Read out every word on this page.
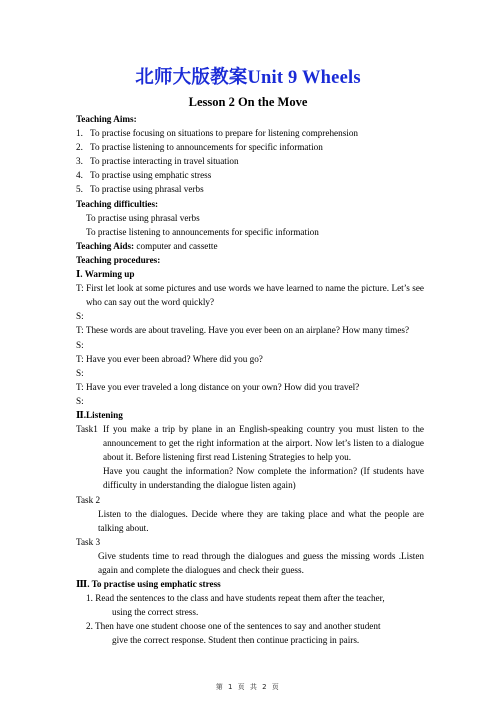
北师大版教案Unit 9 Wheels
Lesson 2 On the Move

Teaching Aims:

1. To practise focusing on situations to prepare for listening comprehension
2. To practise listening to announcements for specific information
3. To practise interacting in travel situation
4. To practise using emphatic stress
5. To practise using phrasal verbs

Teaching difficulties:

To practise using phrasal verbs

To practise listening to announcements for specific information

Teaching Aids: computer and cassette

Teaching procedures:

Ⅰ. Warming up

T: First let look at some pictures and use words we have learned to name the picture. Let’s see who can say out the word quickly?

S:

T: These words are about traveling. Have you ever been on an airplane? How many times?

S:

T: Have you ever been abroad? Where did you go?

S:

T: Have you ever traveled a long distance on your own? How did you travel?

S:

Ⅱ.Listening

Task1 If you make a trip by plane in an English-speaking country you must listen to the announcement to get the right information at the airport. Now let’s listen to a dialogue about it. Before listening first read Listening Strategies to help you.

Have you caught the information? Now complete the information? (If students have difficulty in understanding the dialogue listen again)

Task 2

Listen to the dialogues. Decide where they are taking place and what the people are talking about.

Task 3

Give students time to read through the dialogues and guess the missing words .Listen again and complete the dialogues and check their guess.

Ⅲ. To practise using emphatic stress

1. Read the sentences to the class and have students repeat them after the teacher,

using the correct stress.

2. Then have one student choose one of the sentences to say and another student

give the correct response. Student then continue practicing in pairs.

第 1 页 共 2 页
